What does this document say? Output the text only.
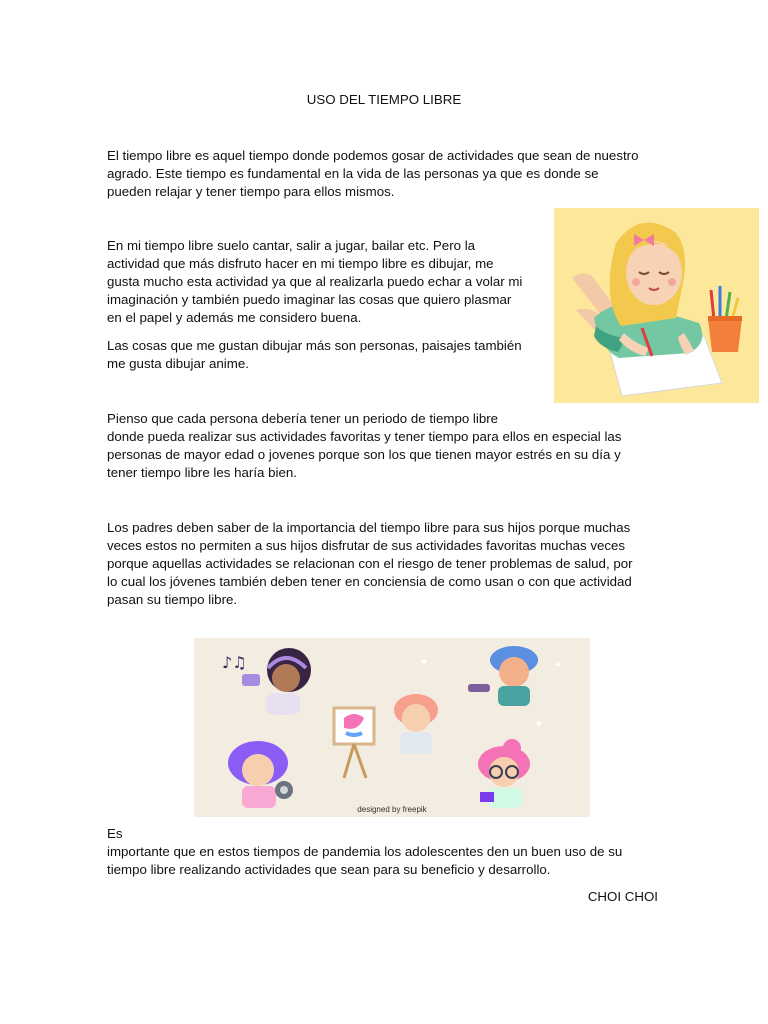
USO DEL TIEMPO LIBRE
El tiempo libre es aquel tiempo donde podemos gosar de actividades que sean de nuestro
agrado. Este tiempo es fundamental en la vida de las personas ya que es donde se
pueden relajar y tener tiempo para ellos mismos.
En mi tiempo libre suelo cantar, salir a jugar, bailar etc. Pero la
actividad que más disfruto hacer en mi tiempo libre es dibujar, me
gusta mucho esta actividad ya que al realizarla puedo echar a volar mi
imaginación y también puedo imaginar las cosas que quiero plasmar
en el papel y además me considero buena.
Las cosas que me gustan dibujar más son personas, paisajes también
me gusta dibujar anime.
Pienso que cada persona debería tener un periodo de tiempo libre
donde pueda realizar sus actividades favoritas y tener tiempo para ellos en especial las
personas de mayor edad o jovenes porque son los que tienen mayor estrés en su día y
tener tiempo libre les haría bien.
Los padres deben saber de la importancia del tiempo libre para sus hijos porque muchas
veces estos no permiten a sus hijos disfrutar de sus actividades favoritas muchas veces
porque aquellas actividades se relacionan con el riesgo de tener problemas de salud, por
lo cual los jóvenes también deben tener en conciensia de como usan o con que actividad
pasan su tiempo libre.
Es
importante que en estos tiempos de pandemia los adolescentes den un buen uso de su
tiempo libre realizando actividades que sean para su beneficio y desarrollo.
CHOI CHOI
✦
✦
✦
♪♫
designed by freepik
